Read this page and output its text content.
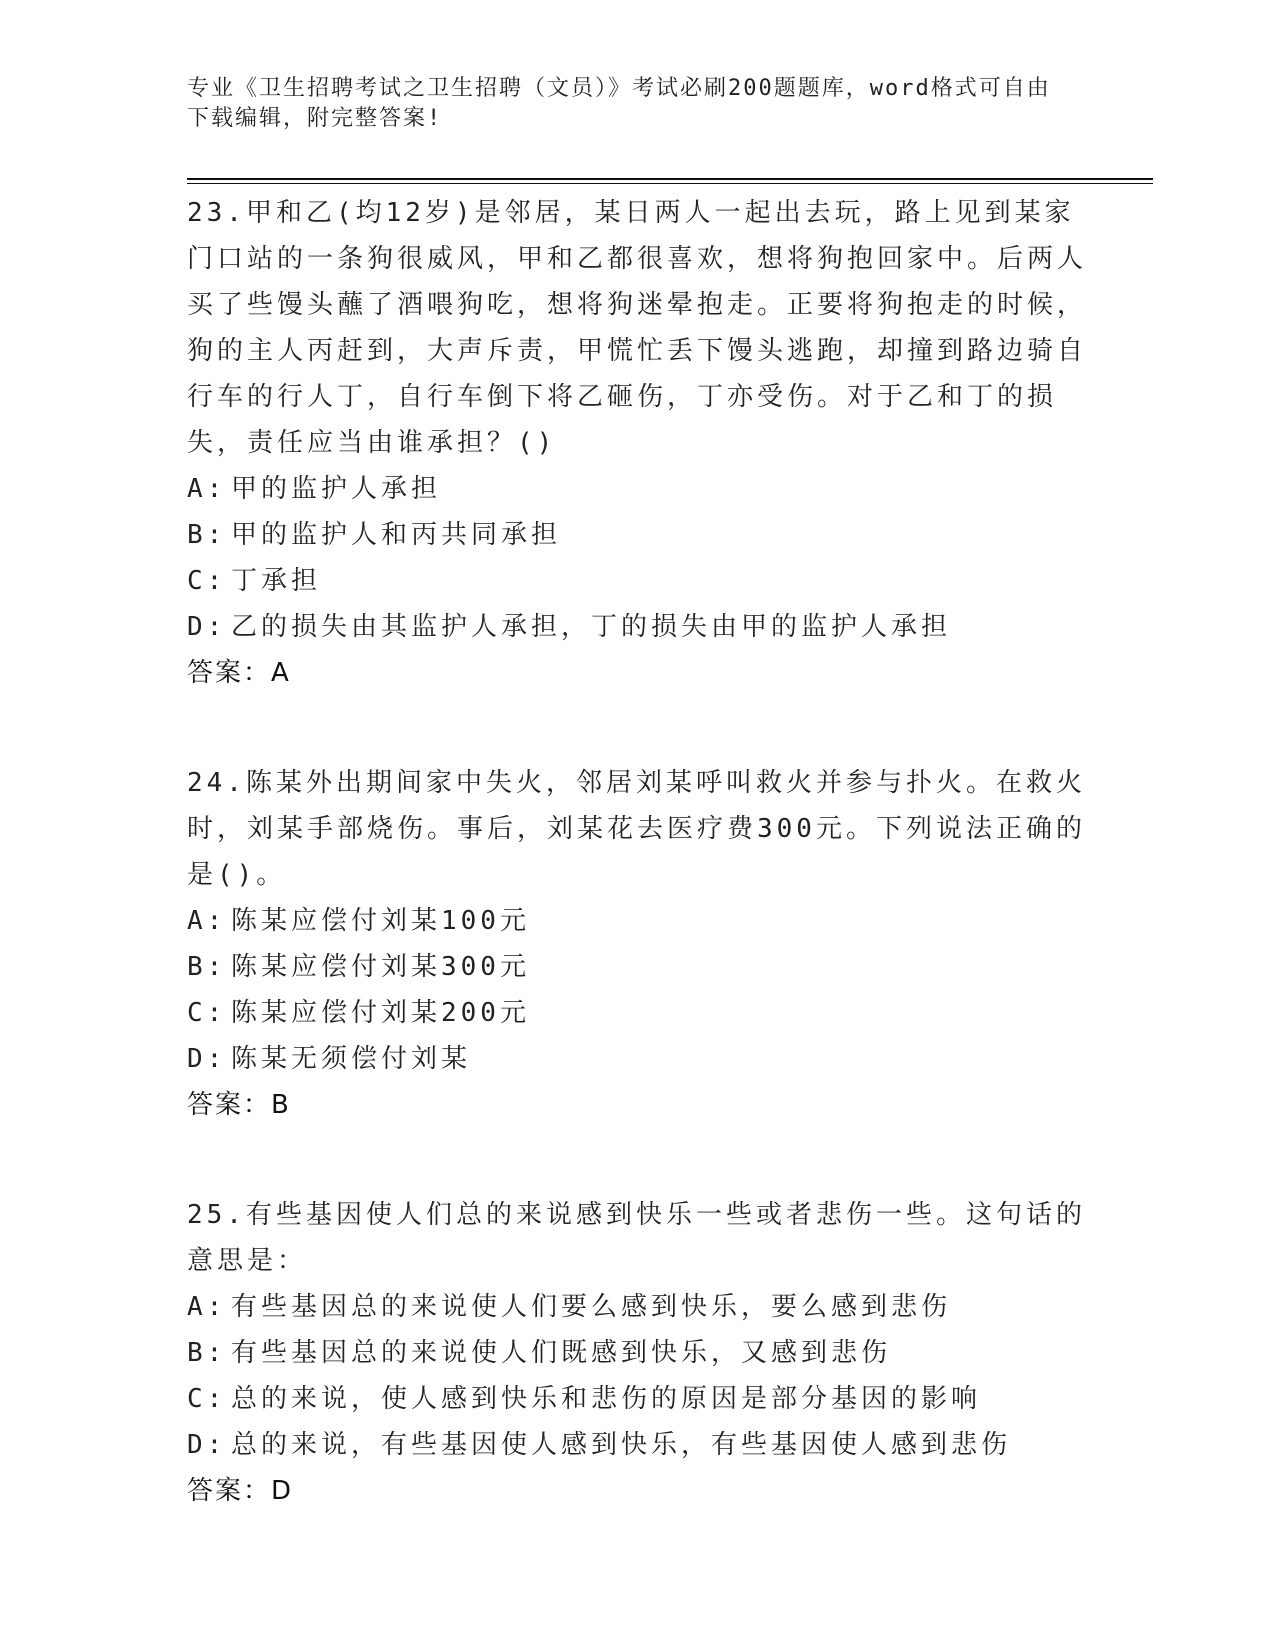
专业《卫生招聘考试之卫生招聘（文员）》考试必刷200题题库，word格式可自由下载编辑，附完整答案!

23.甲和乙(均12岁)是邻居，某日两人一起出去玩，路上见到某家门口站的一条狗很威风，甲和乙都很喜欢，想将狗抱回家中。后两人买了些馒头蘸了酒喂狗吃，想将狗迷晕抱走。正要将狗抱走的时候，狗的主人丙赶到，大声斥责，甲慌忙丢下馒头逃跑，却撞到路边骑自行车的行人丁，自行车倒下将乙砸伤，丁亦受伤。对于乙和丁的损失，责任应当由谁承担？()

A: 甲的监护人承担
B: 甲的监护人和丙共同承担
C: 丁承担
D: 乙的损失由其监护人承担，丁的损失由甲的监护人承担
答案：A

24.陈某外出期间家中失火，邻居刘某呼叫救火并参与扑火。在救火时，刘某手部烧伤。事后，刘某花去医疗费300元。下列说法正确的是()。

A: 陈某应偿付刘某100元
B: 陈某应偿付刘某300元
C: 陈某应偿付刘某200元
D: 陈某无须偿付刘某
答案：B

25.有些基因使人们总的来说感到快乐一些或者悲伤一些。这句话的意思是：

A: 有些基因总的来说使人们要么感到快乐，要么感到悲伤
B: 有些基因总的来说使人们既感到快乐，又感到悲伤
C: 总的来说，使人感到快乐和悲伤的原因是部分基因的影响
D: 总的来说，有些基因使人感到快乐，有些基因使人感到悲伤
答案：D
